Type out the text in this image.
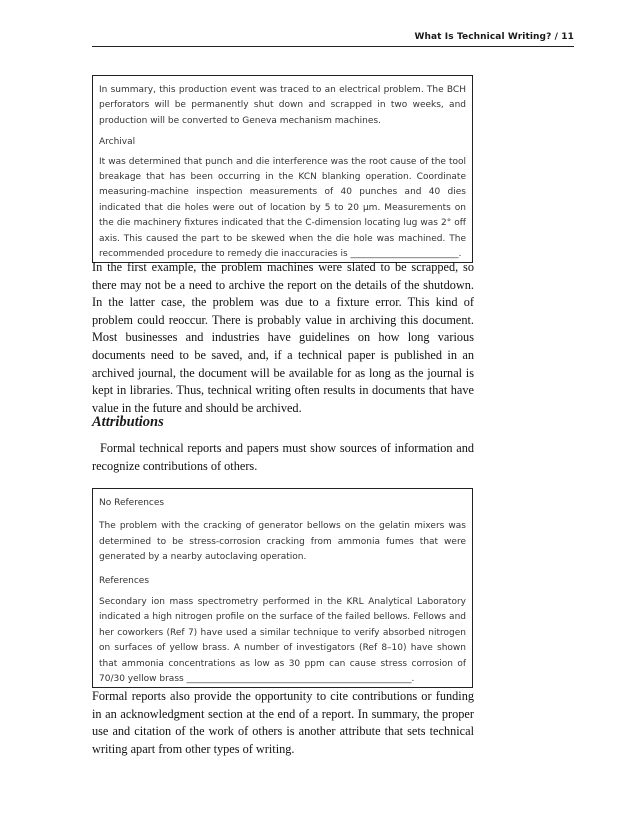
What Is Technical Writing? / 11

In summary, this production event was traced to an electrical problem. The BCH perforators will be permanently shut down and scrapped in two weeks, and production will be converted to Geneva mechanism machines.

Archival

It was determined that punch and die interference was the root cause of the tool breakage that has been occurring in the KCN blanking operation. Coordinate measuring-machine inspection measurements of 40 punches and 40 dies indicated that die holes were out of location by 5 to 20 μm. Measurements on the die machinery fixtures indicated that the C-dimension locating lug was 2° off axis. This caused the part to be skewed when the die hole was machined. The recommended procedure to remedy die inaccuracies is ________________________.

In the first example, the problem machines were slated to be scrapped, so there may not be a need to archive the report on the details of the shutdown. In the latter case, the problem was due to a fixture error. This kind of problem could reoccur. There is probably value in archiving this document. Most businesses and industries have guidelines on how long various documents need to be saved, and, if a technical paper is published in an archived journal, the document will be available for as long as the journal is kept in libraries. Thus, technical writing often results in documents that have value in the future and should be archived.

Attributions

Formal technical reports and papers must show sources of information and recognize contributions of others.

No References

The problem with the cracking of generator bellows on the gelatin mixers was determined to be stress-corrosion cracking from ammonia fumes that were generated by a nearby autoclaving operation.

References

Secondary ion mass spectrometry performed in the KRL Analytical Laboratory indicated a high nitrogen profile on the surface of the failed bellows. Fellows and her coworkers (Ref 7) have used a similar technique to verify absorbed nitrogen on surfaces of yellow brass. A number of investigators (Ref 8–10) have shown that ammonia concentrations as low as 30 ppm can cause stress corrosion of 70/30 yellow brass __________________________________________________.

Formal reports also provide the opportunity to cite contributions or funding in an acknowledgment section at the end of a report. In summary, the proper use and citation of the work of others is another attribute that sets technical writing apart from other types of writing.
